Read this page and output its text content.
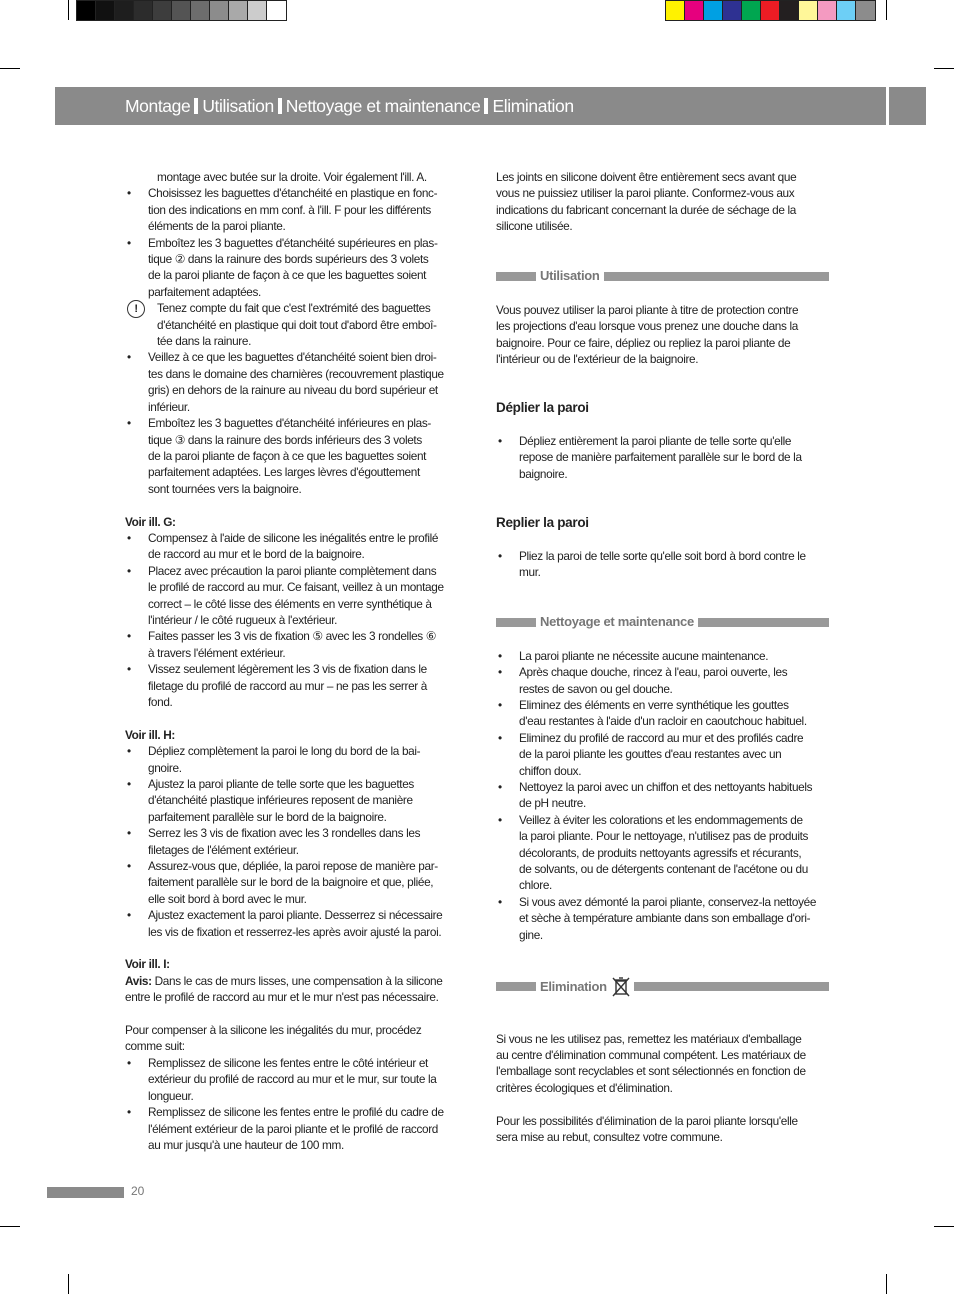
Montage Utilisation Nettoyage et maintenance Elimination

montage avec butée sur la droite. Voir également l'ill. A.

• Choisissez les baguettes d'étanchéité en plastique en fonc-
tion des indications en mm conf. à l'ill. F pour les différents
éléments de la paroi pliante.
• Emboîtez les 3 baguettes d'étanchéité supérieures en plas-
tique ② dans la rainure des bords supérieurs des 3 volets
de la paroi pliante de façon à ce que les baguettes soient
parfaitement adaptées.
!	Tenez compte du fait que c'est l'extrémité des baguettes
d'étanchéité en plastique qui doit tout d'abord être emboî-
tée dans la rainure.
• Veillez à ce que les baguettes d'étanchéité soient bien droi-
tes dans le domaine des charnières (recouvrement plastique
gris) en dehors de la rainure au niveau du bord supérieur et
inférieur.
• Emboîtez les 3 baguettes d'étanchéité inférieures en plas-
tique ③ dans la rainure des bords inférieurs des 3 volets
de la paroi pliante de façon à ce que les baguettes soient
parfaitement adaptées. Les larges lèvres d'égouttement
sont tournées vers la baignoire.

Voir ill. G:

• Compensez à l'aide de silicone les inégalités entre le profilé
de raccord au mur et le bord de la baignoire.
• Placez avec précaution la paroi pliante complètement dans
le profilé de raccord au mur. Ce faisant, veillez à un montage
correct – le côté lisse des éléments en verre synthétique à
l'intérieur / le côté rugueux à l'extérieur.
• Faites passer les 3 vis de fixation ⑤ avec les 3 rondelles ⑥
à travers l'élément extérieur.
• Vissez seulement légèrement les 3 vis de fixation dans le
filetage du profilé de raccord au mur – ne pas les serrer à
fond.

Voir ill. H:

• Dépliez complètement la paroi le long du bord de la bai-
gnoire.
• Ajustez la paroi pliante de telle sorte que les baguettes
d'étanchéité plastique inférieures reposent de manière
parfaitement parallèle sur le bord de la baignoire.
• Serrez les 3 vis de fixation avec les 3 rondelles dans les
filetages de l'élément extérieur.
• Assurez-vous que, dépliée, la paroi repose de manière par-
faitement parallèle sur le bord de la baignoire et que, pliée,
elle soit bord à bord avec le mur.
• Ajustez exactement la paroi pliante. Desserrez si nécessaire
les vis de fixation et resserrez-les après avoir ajusté la paroi.

Voir ill. I:

Avis: Dans le cas de murs lisses, une compensation à la silicone
entre le profilé de raccord au mur et le mur n'est pas nécessaire.
Pour compenser à la silicone les inégalités du mur, procédez
comme suit:
• Remplissez de silicone les fentes entre le côté intérieur et
extérieur du profilé de raccord au mur et le mur, sur toute la
longueur.
• Remplissez de silicone les fentes entre le profilé du cadre de
l'élément extérieur de la paroi pliante et le profilé de raccord
au mur jusqu'à une hauteur de 100 mm.
Les joints en silicone doivent être entièrement secs avant que
vous ne puissiez utiliser la paroi pliante. Conformez-vous aux
indications du fabricant concernant la durée de séchage de la
silicone utilisée.
Utilisation
Vous pouvez utiliser la paroi pliante à titre de protection contre
les projections d'eau lorsque vous prenez une douche dans la
baignoire. Pour ce faire, dépliez ou repliez la paroi pliante de
l'intérieur ou de l'extérieur de la baignoire.

Déplier la paroi

• Dépliez entièrement la paroi pliante de telle sorte qu'elle
repose de manière parfaitement parallèle sur le bord de la
baignoire.

Replier la paroi

• Pliez la paroi de telle sorte qu'elle soit bord à bord contre le
mur.
Nettoyage et maintenance
• La paroi pliante ne nécessite aucune maintenance.
• Après chaque douche, rincez à l'eau, paroi ouverte, les
restes de savon ou gel douche.
• Eliminez des éléments en verre synthétique les gouttes
d'eau restantes à l'aide d'un racloir en caoutchouc habituel.
• Eliminez du profilé de raccord au mur et des profilés cadre
de la paroi pliante les gouttes d'eau restantes avec un
chiffon doux.
• Nettoyez la paroi avec un chiffon et des nettoyants habituels
de pH neutre.
• Veillez à éviter les colorations et les endommagements de
la paroi pliante. Pour le nettoyage, n'utilisez pas de produits
décolorants, de produits nettoyants agressifs et récurants,
de solvants, ou de détergents contenant de l'acétone ou du
chlore.
• Si vous avez démonté la paroi pliante, conservez-la nettoyée
et sèche à température ambiante dans son emballage d'ori-
gine.
Elimination
Si vous ne les utilisez pas, remettez les matériaux d'emballage
au centre d'élimination communal compétent. Les matériaux de
l'emballage sont recyclables et sont sélectionnés en fonction de
critères écologiques et d'élimination.
Pour les possibilités d'élimination de la paroi pliante lorsqu'elle
sera mise au rebut, consultez votre commune.
20
